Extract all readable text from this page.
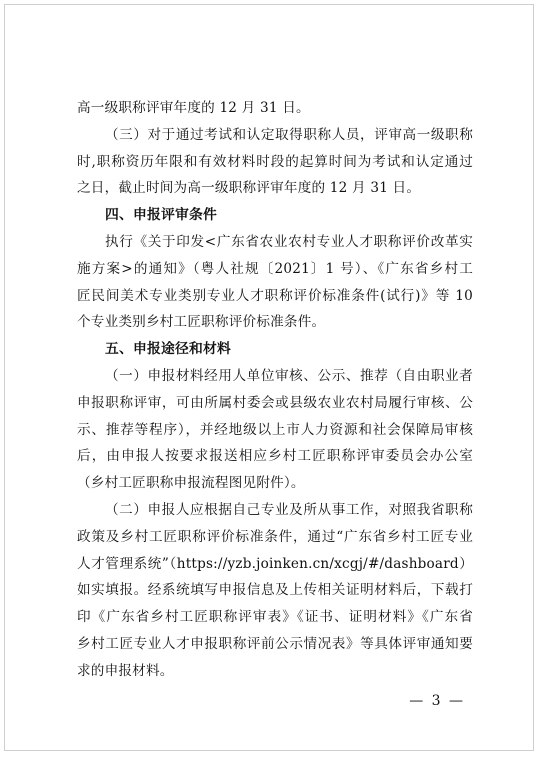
高一级职称评审年度的 12 月 31 日。
（三）对于通过考试和认定取得职称人员，评审高一级职称
时,职称资历年限和有效材料时段的起算时间为考试和认定通过
之日，截止时间为高一级职称评审年度的 12 月 31 日。
四、申报评审条件
执行《关于印发<广东省农业农村专业人才职称评价改革实
施方案>的通知》（粤人社规〔2021〕1 号）、《广东省乡村工
匠民间美术专业类别专业人才职称评价标准条件(试行)》等 10
个专业类别乡村工匠职称评价标准条件。
五、申报途径和材料
（一）申报材料经用人单位审核、公示、推荐（自由职业者
申报职称评审，可由所属村委会或县级农业农村局履行审核、公
示、推荐等程序），并经地级以上市人力资源和社会保障局审核
后，由申报人按要求报送相应乡村工匠职称评审委员会办公室
（乡村工匠职称申报流程图见附件）。
（二）申报人应根据自己专业及所从事工作，对照我省职称
政策及乡村工匠职称评价标准条件，通过“广东省乡村工匠专业
人才管理系统”（https://yzb.joinken.cn/xcgj/#/dashboard）
如实填报。经系统填写申报信息及上传相关证明材料后，下载打
印《广东省乡村工匠职称评审表》《证书、证明材料》《广东省
乡村工匠专业人才申报职称评前公示情况表》等具体评审通知要
求的申报材料。
— 3 —
